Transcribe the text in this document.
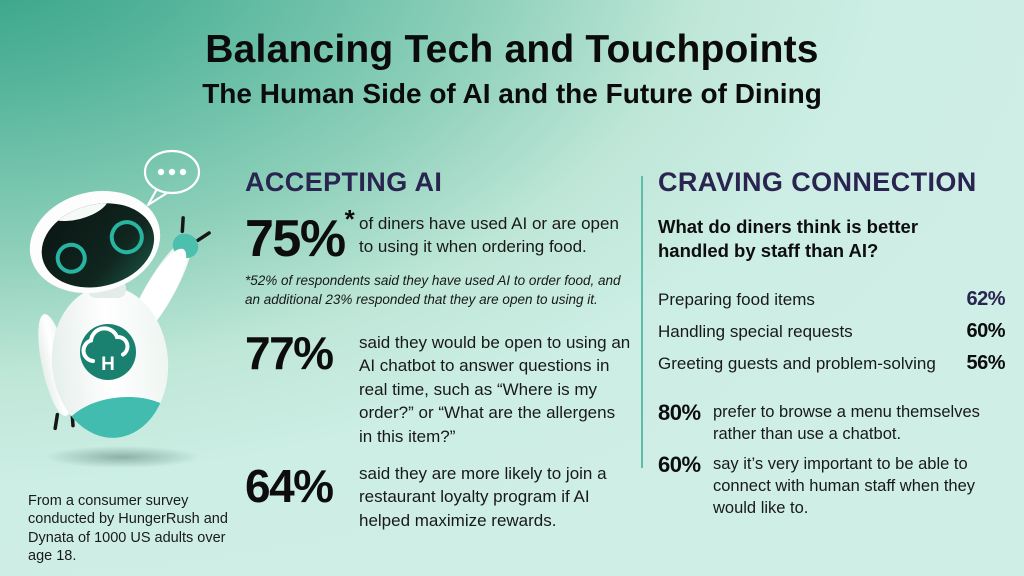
Balancing Tech and Touchpoints
The Human Side of AI and the Future of Dining
H
ACCEPTING AI
75%* of diners have used AI or are open to using it when ordering food.
*52% of respondents said they have used AI to order food, and an additional 23% responded that they are open to using it.
77% said they would be open to using an AI chatbot to answer questions in real time, such as “Where is my order?” or “What are the allergens in this item?”
64% said they are more likely to join a restaurant loyalty program if AI helped maximize rewards.
CRAVING CONNECTION
What do diners think is better handled by staff than AI?
Preparing food items	62%
Handling special requests	60%
Greeting guests and problem-solving 56%
80% prefer to browse a menu themselves rather than use a chatbot.
60% say it’s very important to be able to connect with human staff when they would like to.

From a consumer survey conducted by HungerRush and Dynata of 1000 US adults over age 18.
